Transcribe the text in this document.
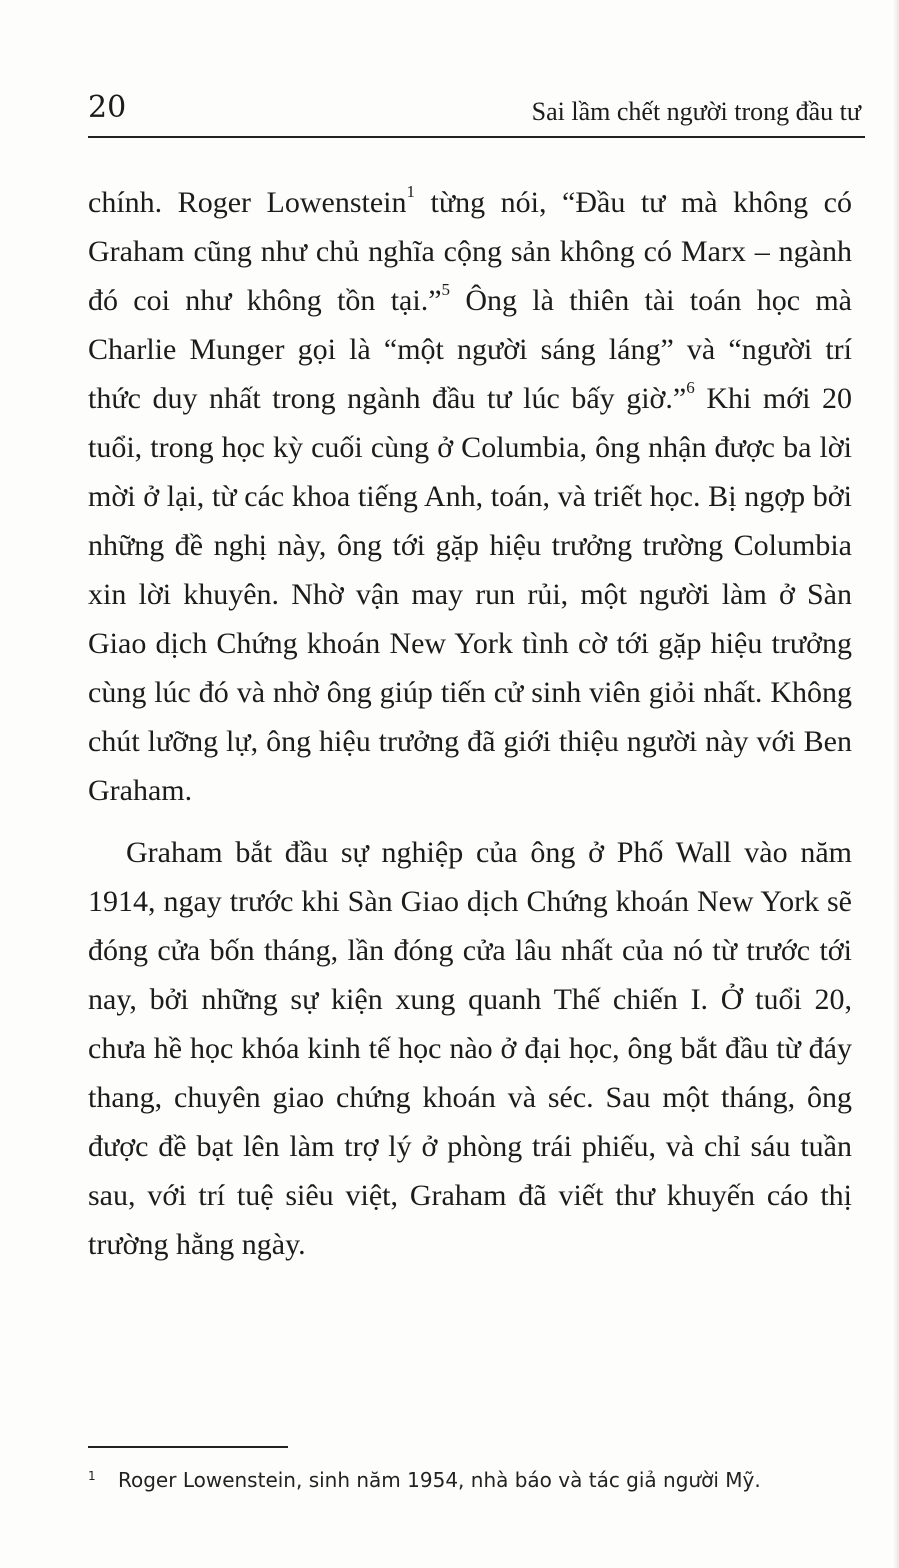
20	Sai lầm chết người trong đầu tư

chính. Roger Lowenstein$^1$ từng nói, “Đầu tư mà không có Graham cũng như chủ nghĩa cộng sản không có Marx – ngành đó coi như không tồn tại.”$^5$ Ông là thiên tài toán học mà Charlie Munger gọi là “một người sáng láng” và “người trí thức duy nhất trong ngành đầu tư lúc bấy giờ.”$^6$ Khi mới 20 tuổi, trong học kỳ cuối cùng ở Columbia, ông nhận được ba lời mời ở lại, từ các khoa tiếng Anh, toán, và triết học. Bị ngợp bởi những đề nghị này, ông tới gặp hiệu trưởng trường Columbia xin lời khuyên. Nhờ vận may run rủi, một người làm ở Sàn Giao dịch Chứng khoán New York tình cờ tới gặp hiệu trưởng cùng lúc đó và nhờ ông giúp tiến cử sinh viên giỏi nhất. Không chút lưỡng lự, ông hiệu trưởng đã giới thiệu người này với Ben Graham.

Graham bắt đầu sự nghiệp của ông ở Phố Wall vào năm 1914, ngay trước khi Sàn Giao dịch Chứng khoán New York sẽ đóng cửa bốn tháng, lần đóng cửa lâu nhất của nó từ trước tới nay, bởi những sự kiện xung quanh Thế chiến I. Ở tuổi 20, chưa hề học khóa kinh tế học nào ở đại học, ông bắt đầu từ đáy thang, chuyên giao chứng khoán và séc. Sau một tháng, ông được đề bạt lên làm trợ lý ở phòng trái phiếu, và chỉ sáu tuần sau, với trí tuệ siêu việt, Graham đã viết thư khuyến cáo thị trường hằng ngày.

1 Roger Lowenstein, sinh năm 1954, nhà báo và tác giả người Mỹ.
